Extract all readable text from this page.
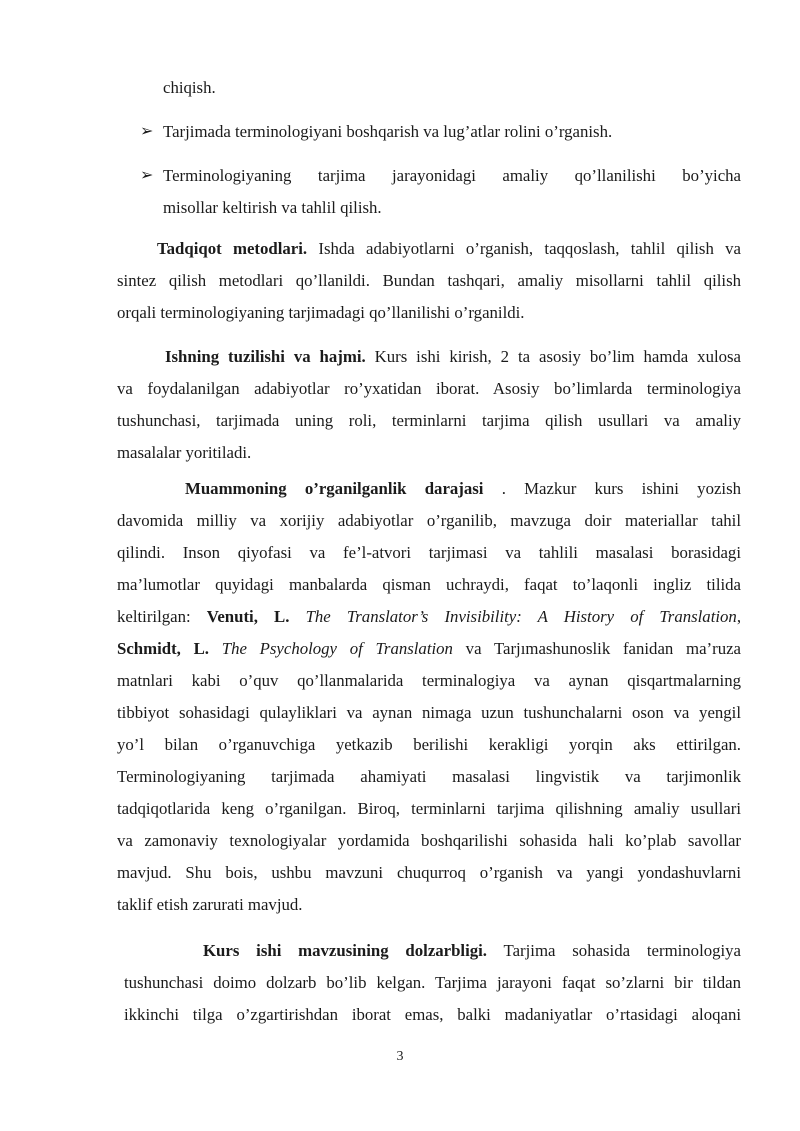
chiqish.
➢ Tarjimada terminologiyani boshqarish va lug’atlar rolini o’rganish.
➢ Terminologiyaning tarjima jarayonidagi amaliy qo’llanilishi bo’yicha
misollar keltirish va tahlil qilish.
Tadqiqot metodlari. Ishda adabiyotlarni o’rganish, taqqoslash, tahlil qilish va
sintez qilish metodlari qo’llanildi. Bundan tashqari, amaliy misollarni tahlil qilish
orqali terminologiyaning tarjimadagi qo’llanilishi o’rganildi.
Ishning tuzilishi va hajmi. Kurs ishi kirish, 2 ta asosiy bo’lim hamda xulosa
va foydalanilgan adabiyotlar ro’yxatidan iborat. Asosiy bo’limlarda terminologiya
tushunchasi, tarjimada uning roli, terminlarni tarjima qilish usullari va amaliy
masalalar yoritiladi.
Muammoning o’rganilganlik darajasi . Mazkur kurs ishini yozish
davomida milliy va xorijiy adabiyotlar o’rganilib, mavzuga doir materiallar tahil
qilindi. Inson qiyofasi va fe’l-atvori tarjimasi va tahlili masalasi borasidagi
ma’lumotlar quyidagi manbalarda qisman uchraydi, faqat to’laqonli ingliz tilida
keltirilgan: Venuti, L. The Translator’s Invisibility: A History of Translation,
Schmidt, L. The Psychology of Translation va Tarjımashunoslik fanidan ma’ruza
matnlari kabi o’quv qo’llanmalarida terminalogiya va aynan qisqartmalarning
tibbiyot sohasidagi qulayliklari va aynan nimaga uzun tushunchalarni oson va yengil
yo’l bilan o’rganuvchiga yetkazib berilishi kerakligi yorqin aks ettirilgan.
Terminologiyaning tarjimada ahamiyati masalasi lingvistik va tarjimonlik
tadqiqotlarida keng o’rganilgan. Biroq, terminlarni tarjima qilishning amaliy usullari
va zamonaviy texnologiyalar yordamida boshqarilishi sohasida hali ko’plab savollar
mavjud. Shu bois, ushbu mavzuni chuqurroq o’rganish va yangi yondashuvlarni
taklif etish zarurati mavjud.
Kurs ishi mavzusining dolzarbligi. Tarjima sohasida terminologiya
tushunchasi doimo dolzarb bo’lib kelgan. Tarjima jarayoni faqat so’zlarni bir tildan
ikkinchi tilga o’zgartirishdan iborat emas, balki madaniyatlar o’rtasidagi aloqani
3
